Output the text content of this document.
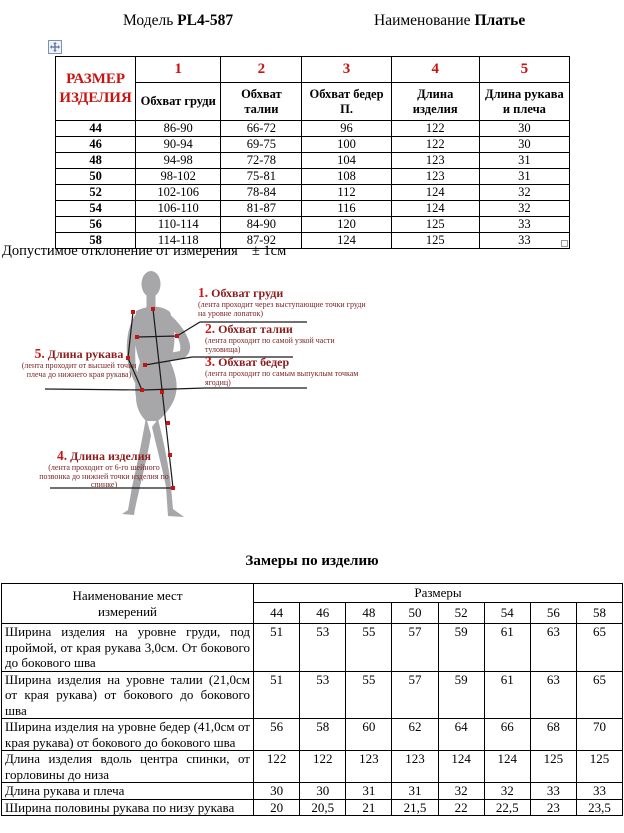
Модель PL4-587	Наименование Платье
РАЗМЕР ИЗДЕЛИЯ	1	2	3	4	5
	Обхват груди	Обхват талии	Обхват бедер П.	Длина изделия	Длина рукава и плеча
44	86-90	66-72	96	122	30
46	90-94	69-75	100	122	30
48	94-98	72-78	104	123	31
50	98-102	75-81	108	123	31
52	102-106	78-84	112	124	32
54	106-110	81-87	116	124	32
56	110-114	84-90	120	125	33
58	114-118	87-92	124	125	33
Допустимое отклонение от измерения ± 1см
1. Обхват груди
(лента проходит через выступающие точки груди на уровне лопаток)
2. Обхват талии
(лента проходит по самой узкой части туловища)
3. Обхват бедер
(лента проходит по самым выпуклым точкам ягодиц)
5. Длина рукава
(лента проходит от высшей точки плеча до нижнего края рукава)
4. Длина изделия
(лента проходит от 6-го шейного позвонка до нижней точки изделия по спинке)
Замеры по изделию
Наименование мест измерений	Размеры							
	44	46	48	50	52	54	56	58
Ширина изделия на уровне груди, под проймой, от края рукава 3,0см. От бокового до бокового шва	51	53	55	57	59	61	63	65
Ширина изделия на уровне талии (21,0см от края рукава) от бокового до бокового шва	51	53	55	57	59	61	63	65
Ширина изделия на уровне бедер (41,0см от края рукава) от бокового до бокового шва	56	58	60	62	64	66	68	70
Длина изделия вдоль центра спинки, от горловины до низа	122	122	123	123	124	124	125	125
Длина рукава и плеча	30	30	31	31	32	32	33	33
Ширина половины рукава по низу рукава	20	20,5	21	21,5	22	22,5	23	23,5
